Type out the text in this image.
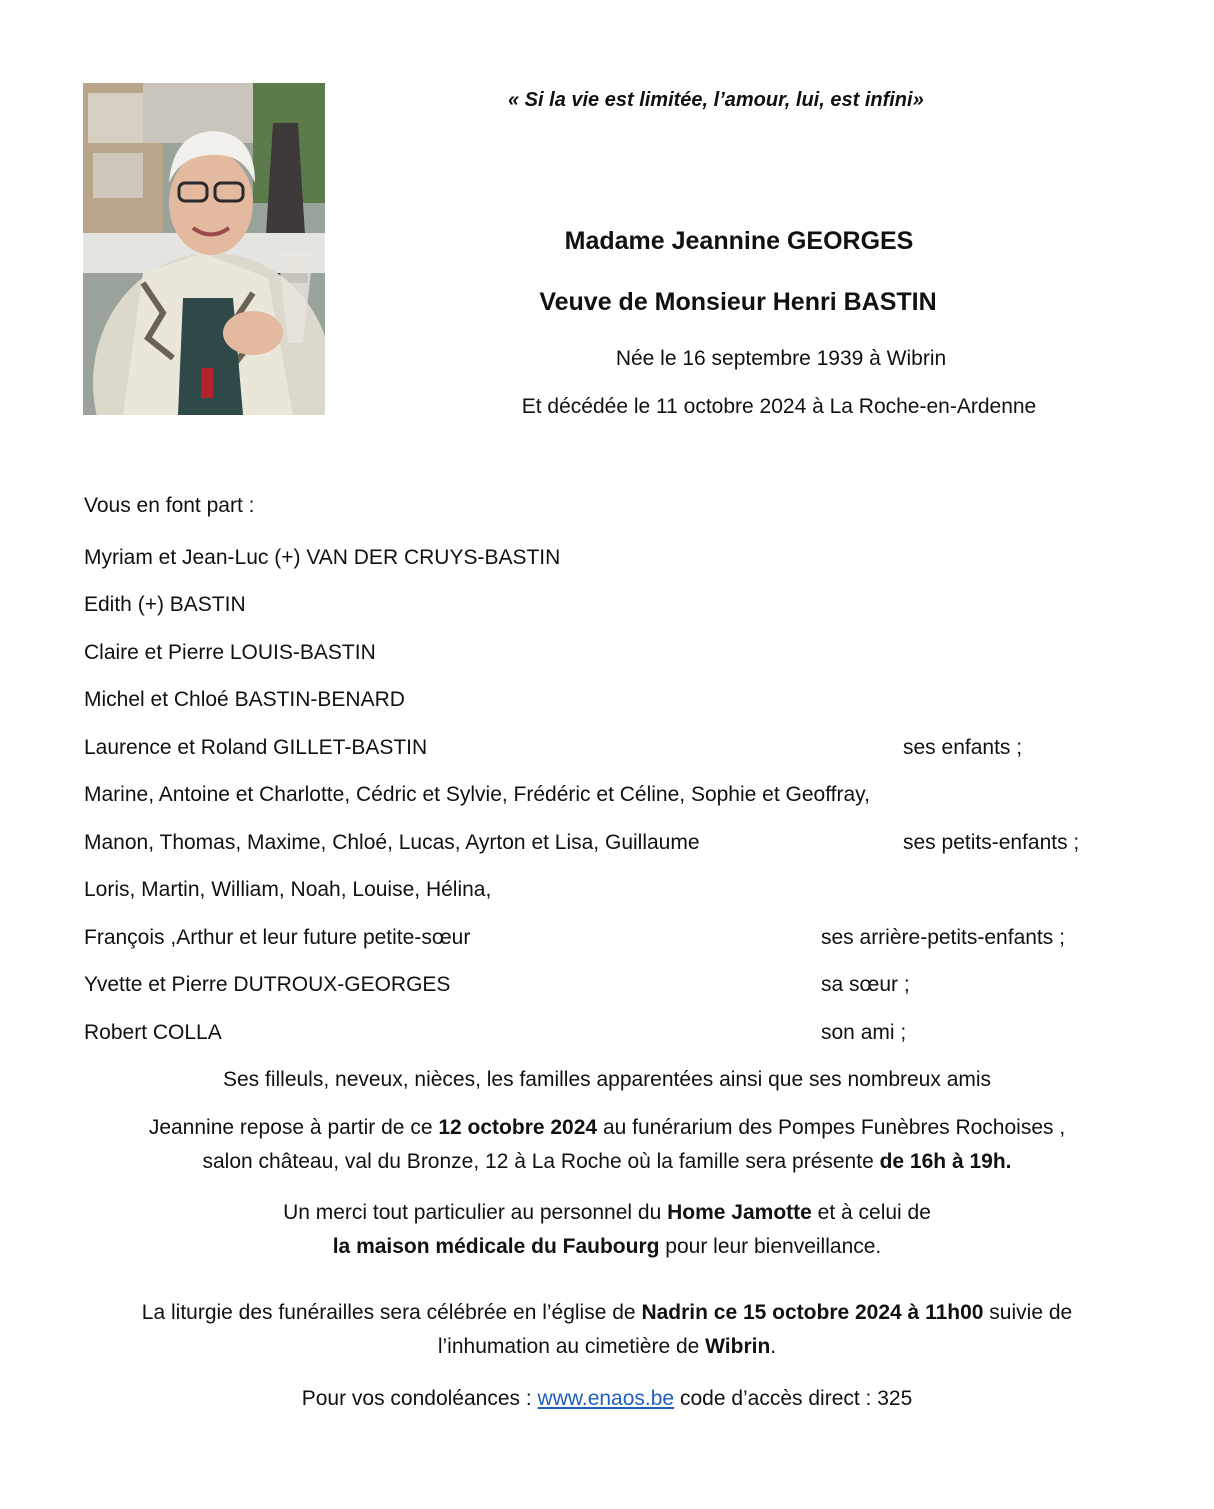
« Si la vie est limitée, l’amour, lui, est infini»
Madame Jeannine GEORGES
Veuve de Monsieur Henri BASTIN
Née le 16 septembre 1939 à Wibrin
Et décédée le 11 octobre 2024 à La Roche-en-Ardenne
Vous en font part :
Myriam et Jean-Luc (+) VAN DER CRUYS-BASTIN
Edith (+) BASTIN
Claire et Pierre LOUIS-BASTIN
Michel et Chloé BASTIN-BENARD
Laurence et Roland GILLET-BASTIN	ses enfants ;
Marine, Antoine et Charlotte, Cédric et Sylvie, Frédéric et Céline, Sophie et Geoffray,
Manon, Thomas, Maxime, Chloé, Lucas, Ayrton et Lisa, Guillaume	ses petits-enfants ;
Loris, Martin, William, Noah, Louise, Hélina,
François ,Arthur et leur future petite-sœur	ses arrière-petits-enfants ;
Yvette et Pierre DUTROUX-GEORGES	sa sœur ;
Robert COLLA	son ami ;
Ses filleuls, neveux, nièces, les familles apparentées ainsi que ses nombreux amis
Jeannine repose à partir de ce 12 octobre 2024 au funérarium des Pompes Funèbres Rochoises ,
salon château, val du Bronze, 12 à La Roche où la famille sera présente de 16h à 19h.
Un merci tout particulier au personnel du Home Jamotte et à celui de
la maison médicale du Faubourg pour leur bienveillance.
La liturgie des funérailles sera célébrée en l’église de Nadrin ce 15 octobre 2024 à 11h00 suivie de
l’inhumation au cimetière de Wibrin.
Pour vos condoléances : www.enaos.be code d’accès direct : 325
